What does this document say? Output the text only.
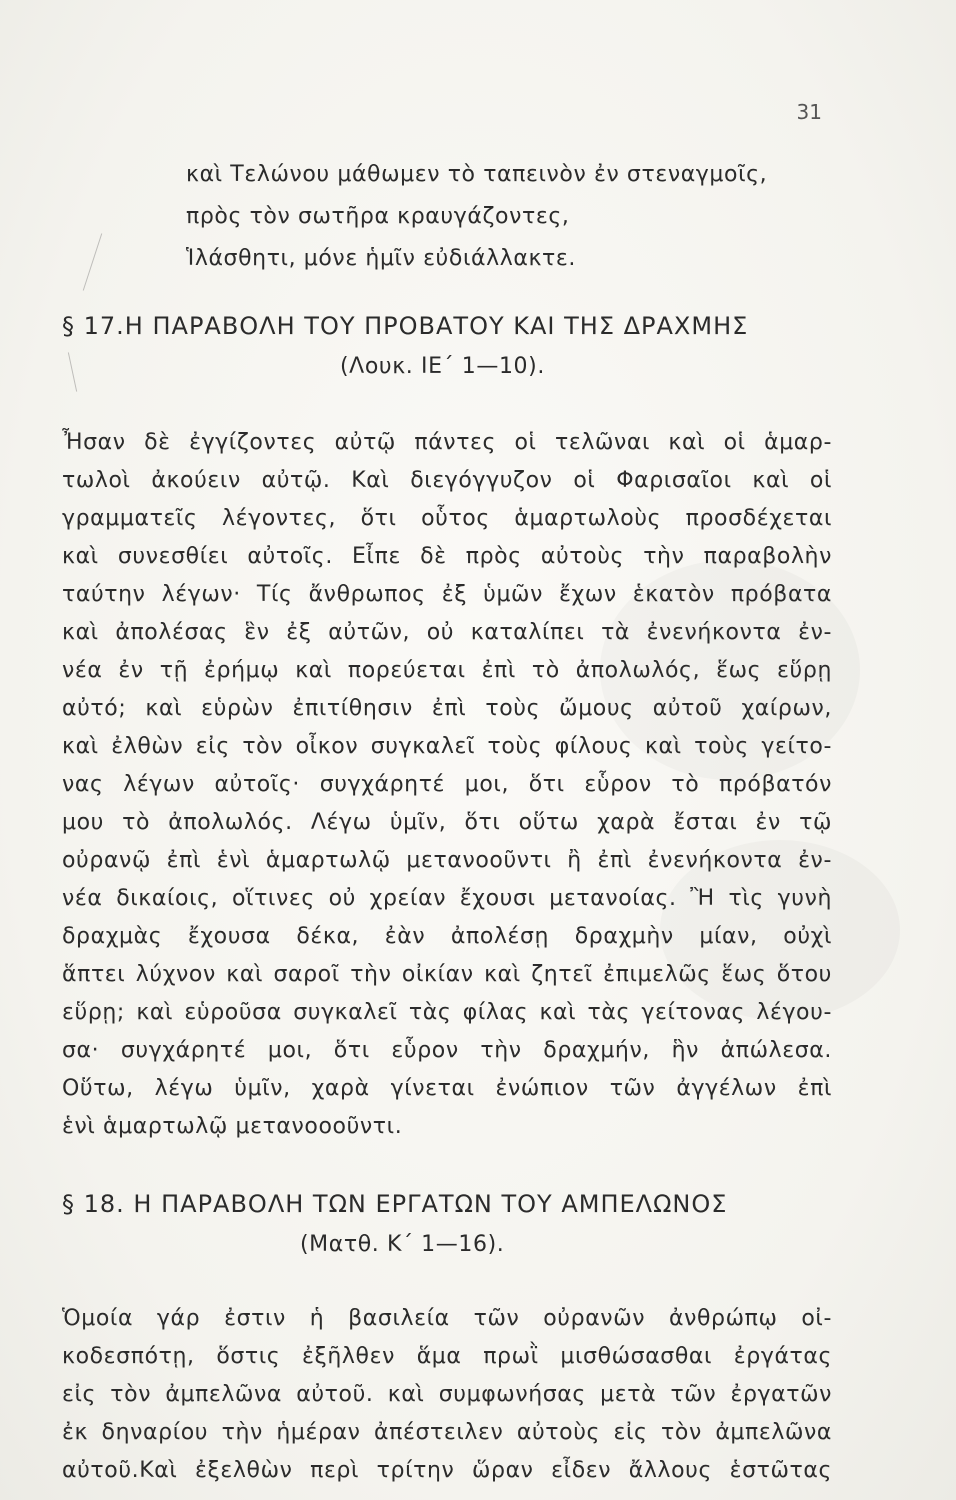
31
καὶ Τελώνου μάθωμεν τὸ ταπεινὸν ἐν στεναγμοῖς,
πρὸς τὸν σωτῆρα κραυγάζοντες,
Ἱλάσθητι, μόνε ἡμῖν εὐδιάλλακτε.
§ 17.Η ΠΑΡΑΒΟΛΗ ΤΟΥ ΠΡΟΒΑΤΟΥ ΚΑΙ ΤΗΣ ΔΡΑΧΜΗΣ
(Λουκ. ΙΕ΄ 1—10).
Ἦσαν δὲ ἐγγίζοντες αὐτῷ πάντες οἱ τελῶναι καὶ οἱ ἁμαρ-
τωλοὶ ἀκούειν αὐτῷ. Καὶ διεγόγγυζον οἱ Φαρισαῖοι καὶ οἱ
γραμματεῖς λέγοντες, ὅτι οὗτος ἁμαρτωλοὺς προσδέχεται
καὶ συνεσθίει αὐτοῖς. Εἶπε δὲ πρὸς αὐτοὺς τὴν παραβολὴν
ταύτην λέγων· Τίς ἄνθρωπος ἐξ ὑμῶν ἔχων ἑκατὸν πρόβατα
καὶ ἀπολέσας ἓν ἐξ αὐτῶν, οὐ καταλίπει τὰ ἐνενήκοντα ἐν-
νέα ἐν τῇ ἐρήμῳ καὶ πορεύεται ἐπὶ τὸ ἀπολωλός, ἕως εὕρῃ
αὐτό; καὶ εὑρὼν ἐπιτίθησιν ἐπὶ τοὺς ὤμους αὐτοῦ χαίρων,
καὶ ἐλθὼν εἰς τὸν οἶκον συγκαλεῖ τοὺς φίλους καὶ τοὺς γείτο-
νας λέγων αὐτοῖς· συγχάρητέ μοι, ὅτι εὗρον τὸ πρόβατόν
μου τὸ ἀπολωλός. Λέγω ὑμῖν, ὅτι οὕτω χαρὰ ἔσται ἐν τῷ
οὐρανῷ ἐπὶ ἑνὶ ἁμαρτωλῷ μετανοοῦντι ἢ ἐπὶ ἐνενήκοντα ἐν-
νέα δικαίοις, οἵτινες οὐ χρείαν ἔχουσι μετανοίας. Ἢ τὶς γυνὴ
δραχμὰς ἔχουσα δέκα, ἐὰν ἀπολέσῃ δραχμὴν μίαν, οὐχὶ
ἅπτει λύχνον καὶ σαροῖ τὴν οἰκίαν καὶ ζητεῖ ἐπιμελῶς ἕως ὅτου
εὕρῃ; καὶ εὑροῦσα συγκαλεῖ τὰς φίλας καὶ τὰς γείτονας λέγου-
σα· συγχάρητέ μοι, ὅτι εὗρον τὴν δραχμήν, ἣν ἀπώλεσα.
Οὕτω, λέγω ὑμῖν, χαρὰ γίνεται ἐνώπιον τῶν ἀγγέλων ἐπὶ
ἑνὶ ἁμαρτωλῷ μετανοοοῦντι.
§ 18. Η ΠΑΡΑΒΟΛΗ ΤΩΝ ΕΡΓΑΤΩΝ ΤΟΥ ΑΜΠΕΛΩΝΟΣ
(Ματθ. Κ΄ 1—16).
Ὁμοία γάρ ἐστιν ἡ βασιλεία τῶν οὐρανῶν ἀνθρώπῳ οἰ-
κοδεσπότῃ, ὅστις ἐξῆλθεν ἅμα πρωῒ μισθώσασθαι ἐργάτας
εἰς τὸν ἀμπελῶνα αὐτοῦ. καὶ συμφωνήσας μετὰ τῶν ἐργατῶν
ἐκ δηναρίου τὴν ἡμέραν ἀπέστειλεν αὐτοὺς εἰς τὸν ἀμπελῶνα
αὐτοῦ.Καὶ ἐξελθὼν περὶ τρίτην ὥραν εἶδεν ἄλλους ἑστῶτας
